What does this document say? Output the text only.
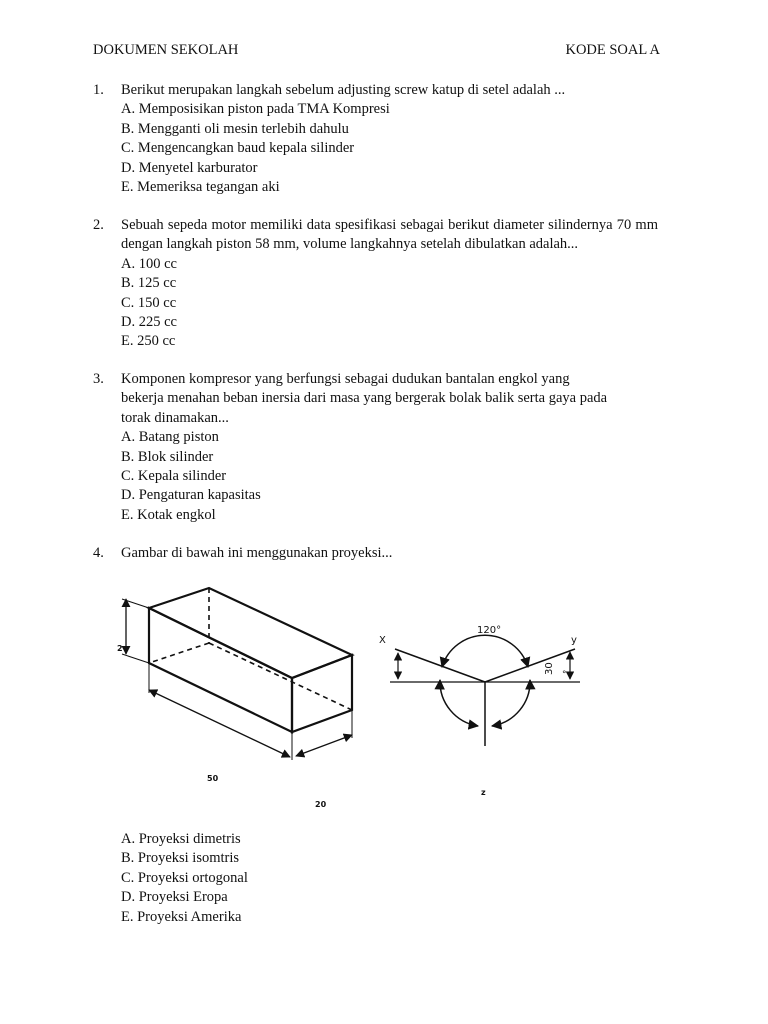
DOKUMEN SEKOLAH	KODE SOAL A
1. Berikut merupakan langkah sebelum adjusting screw katup di setel adalah ...
A. Memposisikan piston pada TMA Kompresi
B. Mengganti oli mesin terlebih dahulu
C. Mengencangkan baud kepala silinder
D. Menyetel karburator
E. Memeriksa tegangan aki
2. Sebuah sepeda motor memiliki data spesifikasi sebagai berikut diameter silindernya 70 mm dengan langkah piston 58 mm, volume langkahnya setelah dibulatkan adalah...
A. 100 cc
B. 125 cc
C. 150 cc
D. 225 cc
E. 250 cc
3. Komponen kompresor yang berfungsi sebagai dudukan bantalan engkol yang
bekerja menahan beban inersia dari masa yang bergerak bolak balik serta gaya pada
torak dinamakan...
A. Batang piston
B. Blok silinder
C. Kepala silinder
D. Pengaturan kapasitas
E. Kotak engkol
4. Gambar di bawah ini menggunakan proyeksi...
2
50
20
X	y
z
120°
30 °
A. Proyeksi dimetris
B. Proyeksi isomtris
C. Proyeksi ortogonal
D. Proyeksi Eropa
E. Proyeksi Amerika
